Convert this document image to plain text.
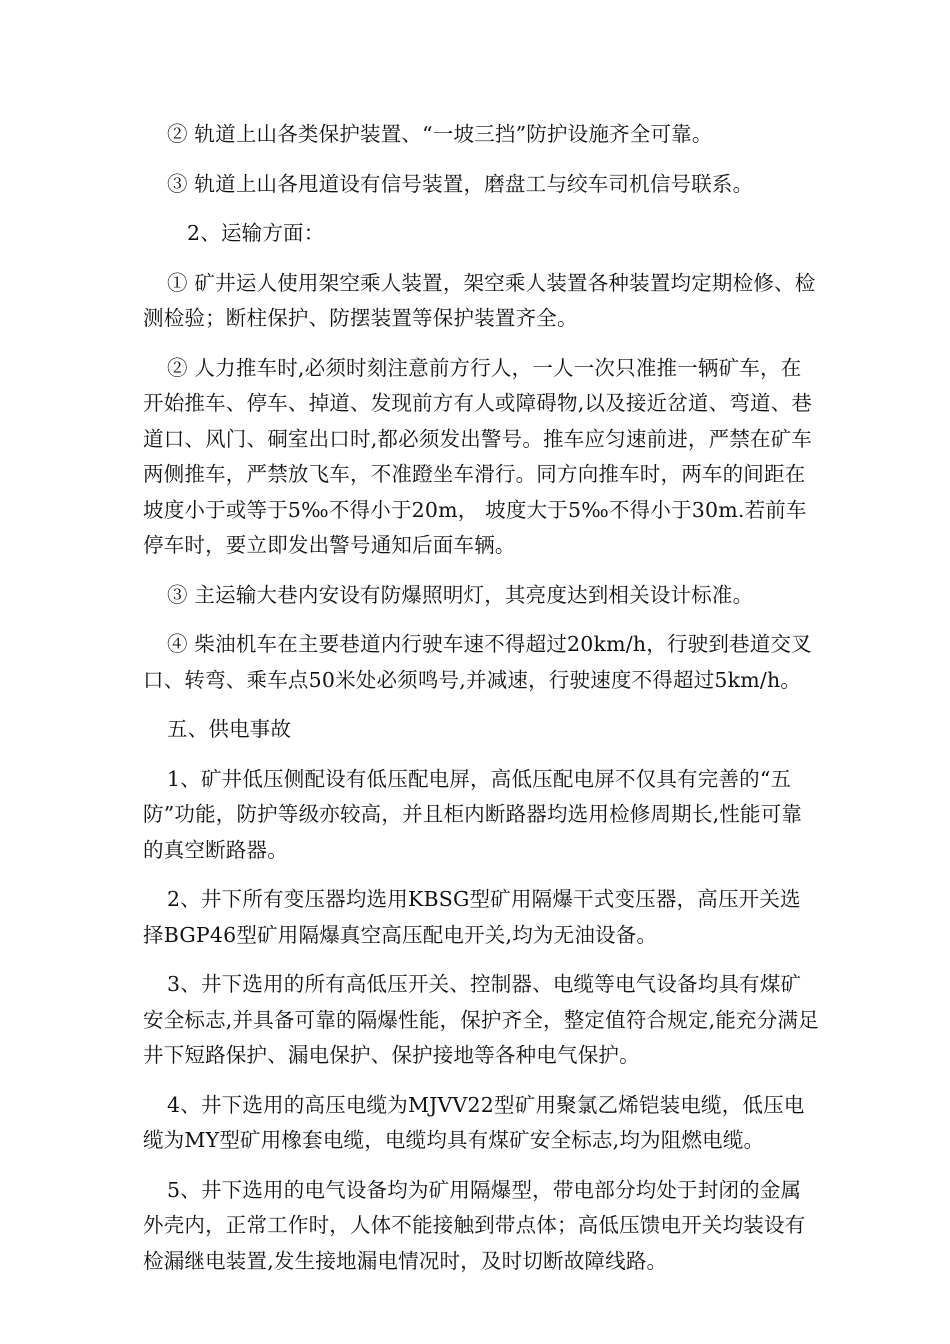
② 轨道上山各类保护装置、“一坡三挡”防护设施齐全可靠。

③ 轨道上山各甩道设有信号装置，磨盘工与绞车司机信号联系。

2、运输方面：

① 矿井运人使用架空乘人装置，架空乘人装置各种装置均定期检修、检测检验；断柱保护、防摆装置等保护装置齐全。

② 人力推车时,必须时刻注意前方行人，一人一次只准推一辆矿车，在开始推车、停车、掉道、发现前方有人或障碍物,以及接近岔道、弯道、巷道口、风门、硐室出口时,都必须发出警号。推车应匀速前进，严禁在矿车两侧推车，严禁放飞车，不准蹬坐车滑行。同方向推车时，两车的间距在坡度小于或等于5‰不得小于20m， 坡度大于5‰不得小于30m.若前车停车时，要立即发出警号通知后面车辆。

③ 主运输大巷内安设有防爆照明灯，其亮度达到相关设计标准。

④ 柴油机车在主要巷道内行驶车速不得超过20km/h，行驶到巷道交叉口、转弯、乘车点50米处必须鸣号,并减速，行驶速度不得超过5km/h。

五、供电事故

1、矿井低压侧配设有低压配电屏，高低压配电屏不仅具有完善的“五防”功能，防护等级亦较高，并且柜内断路器均选用检修周期长,性能可靠的真空断路器。

2、井下所有变压器均选用KBSG型矿用隔爆干式变压器，高压开关选择BGP46型矿用隔爆真空高压配电开关,均为无油设备。

3、井下选用的所有高低压开关、控制器、电缆等电气设备均具有煤矿安全标志,并具备可靠的隔爆性能，保护齐全，整定值符合规定,能充分满足井下短路保护、漏电保护、保护接地等各种电气保护。

4、井下选用的高压电缆为MJVV22型矿用聚氯乙烯铠装电缆，低压电缆为MY型矿用橡套电缆，电缆均具有煤矿安全标志,均为阻燃电缆。

5、井下选用的电气设备均为矿用隔爆型，带电部分均处于封闭的金属外壳内，正常工作时，人体不能接触到带点体；高低压馈电开关均装设有检漏继电装置,发生接地漏电情况时，及时切断故障线路。
